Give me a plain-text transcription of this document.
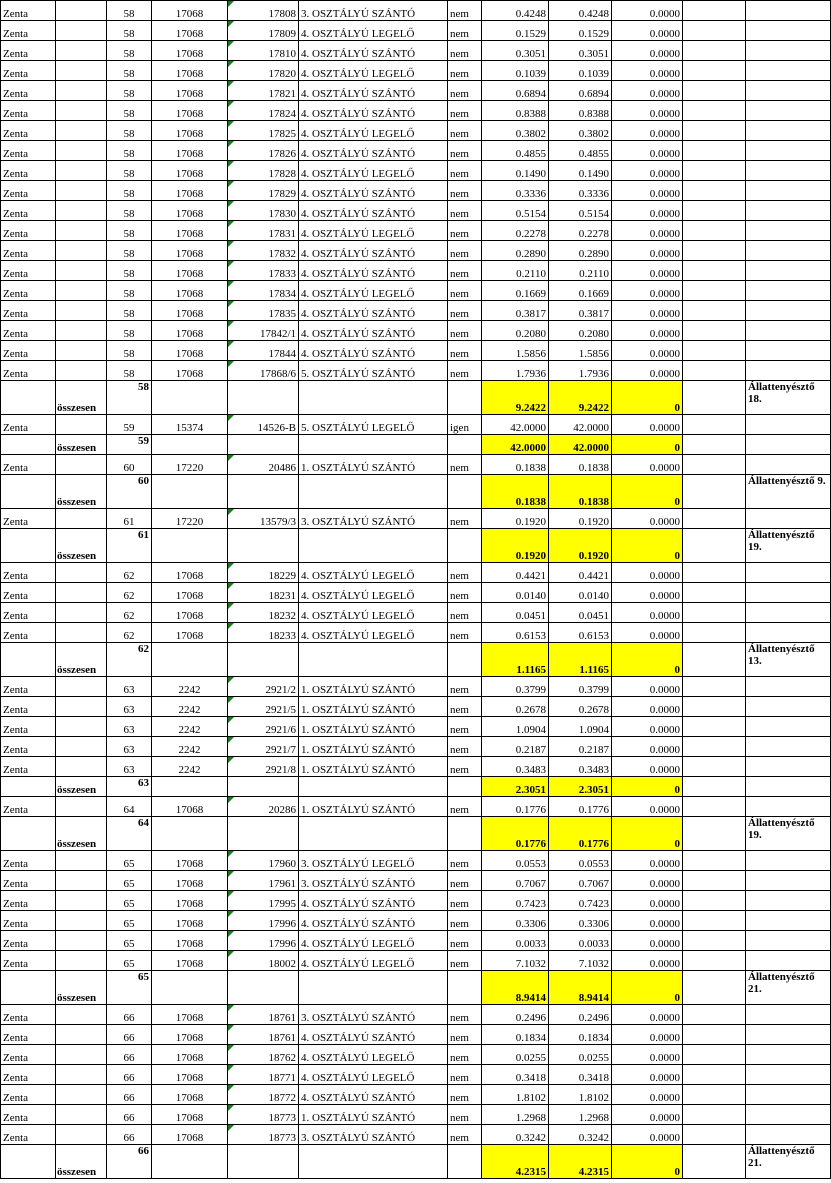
Zenta		58	17068	17808	3. OSZTÁLYÚ SZÁNTÓ	nem	0.4248	0.4248	0.0000		
Zenta		58	17068	17809	4. OSZTÁLYÚ LEGELŐ	nem	0.1529	0.1529	0.0000		
Zenta		58	17068	17810	4. OSZTÁLYÚ SZÁNTÓ	nem	0.3051	0.3051	0.0000		
Zenta		58	17068	17820	4. OSZTÁLYÚ LEGELŐ	nem	0.1039	0.1039	0.0000		
Zenta		58	17068	17821	4. OSZTÁLYÚ SZÁNTÓ	nem	0.6894	0.6894	0.0000		
Zenta		58	17068	17824	4. OSZTÁLYÚ SZÁNTÓ	nem	0.8388	0.8388	0.0000		
Zenta		58	17068	17825	4. OSZTÁLYÚ LEGELŐ	nem	0.3802	0.3802	0.0000		
Zenta		58	17068	17826	4. OSZTÁLYÚ SZÁNTÓ	nem	0.4855	0.4855	0.0000		
Zenta		58	17068	17828	4. OSZTÁLYÚ LEGELŐ	nem	0.1490	0.1490	0.0000		
Zenta		58	17068	17829	4. OSZTÁLYÚ SZÁNTÓ	nem	0.3336	0.3336	0.0000		
Zenta		58	17068	17830	4. OSZTÁLYÚ SZÁNTÓ	nem	0.5154	0.5154	0.0000		
Zenta		58	17068	17831	4. OSZTÁLYÚ LEGELŐ	nem	0.2278	0.2278	0.0000		
Zenta		58	17068	17832	4. OSZTÁLYÚ SZÁNTÓ	nem	0.2890	0.2890	0.0000		
Zenta		58	17068	17833	4. OSZTÁLYÚ SZÁNTÓ	nem	0.2110	0.2110	0.0000		
Zenta		58	17068	17834	4. OSZTÁLYÚ LEGELŐ	nem	0.1669	0.1669	0.0000		
Zenta		58	17068	17835	4. OSZTÁLYÚ SZÁNTÓ	nem	0.3817	0.3817	0.0000		
Zenta		58	17068	17842/1	4. OSZTÁLYÚ SZÁNTÓ	nem	0.2080	0.2080	0.0000		
Zenta		58	17068	17844	4. OSZTÁLYÚ SZÁNTÓ	nem	1.5856	1.5856	0.0000		
Zenta		58	17068	17868/6	5. OSZTÁLYÚ SZÁNTÓ	nem	1.7936	1.7936	0.0000		
	összesen	58					9.2422	9.2422	0		Állattenyésztő 18.
Zenta		59	15374	14526-B	5. OSZTÁLYÚ LEGELŐ	igen	42.0000	42.0000	0.0000		
	összesen	59					42.0000	42.0000	0		
Zenta		60	17220	20486	1. OSZTÁLYÚ SZÁNTÓ	nem	0.1838	0.1838	0.0000		
	összesen	60					0.1838	0.1838	0		Állattenyésztő 9.
Zenta		61	17220	13579/3	3. OSZTÁLYÚ SZÁNTÓ	nem	0.1920	0.1920	0.0000		
	összesen	61					0.1920	0.1920	0		Állattenyésztő 19.
Zenta		62	17068	18229	4. OSZTÁLYÚ LEGELŐ	nem	0.4421	0.4421	0.0000		
Zenta		62	17068	18231	4. OSZTÁLYÚ LEGELŐ	nem	0.0140	0.0140	0.0000		
Zenta		62	17068	18232	4. OSZTÁLYÚ LEGELŐ	nem	0.0451	0.0451	0.0000		
Zenta		62	17068	18233	4. OSZTÁLYÚ LEGELŐ	nem	0.6153	0.6153	0.0000		
	összesen	62					1.1165	1.1165	0		Állattenyésztő 13.
Zenta		63	2242	2921/2	1. OSZTÁLYÚ SZÁNTÓ	nem	0.3799	0.3799	0.0000		
Zenta		63	2242	2921/5	1. OSZTÁLYÚ SZÁNTÓ	nem	0.2678	0.2678	0.0000		
Zenta		63	2242	2921/6	1. OSZTÁLYÚ SZÁNTÓ	nem	1.0904	1.0904	0.0000		
Zenta		63	2242	2921/7	1. OSZTÁLYÚ SZÁNTÓ	nem	0.2187	0.2187	0.0000		
Zenta		63	2242	2921/8	1. OSZTÁLYÚ SZÁNTÓ	nem	0.3483	0.3483	0.0000		
	összesen	63					2.3051	2.3051	0		
Zenta		64	17068	20286	1. OSZTÁLYÚ SZÁNTÓ	nem	0.1776	0.1776	0.0000		
	összesen	64					0.1776	0.1776	0		Állattenyésztő 19.
Zenta		65	17068	17960	3. OSZTÁLYÚ LEGELŐ	nem	0.0553	0.0553	0.0000		
Zenta		65	17068	17961	3. OSZTÁLYÚ SZÁNTÓ	nem	0.7067	0.7067	0.0000		
Zenta		65	17068	17995	4. OSZTÁLYÚ SZÁNTÓ	nem	0.7423	0.7423	0.0000		
Zenta		65	17068	17996	4. OSZTÁLYÚ SZÁNTÓ	nem	0.3306	0.3306	0.0000		
Zenta		65	17068	17996	4. OSZTÁLYÚ LEGELŐ	nem	0.0033	0.0033	0.0000		
Zenta		65	17068	18002	4. OSZTÁLYÚ LEGELŐ	nem	7.1032	7.1032	0.0000		
	összesen	65					8.9414	8.9414	0		Állattenyésztő 21.
Zenta		66	17068	18761	3. OSZTÁLYÚ SZÁNTÓ	nem	0.2496	0.2496	0.0000		
Zenta		66	17068	18761	4. OSZTÁLYÚ SZÁNTÓ	nem	0.1834	0.1834	0.0000		
Zenta		66	17068	18762	4. OSZTÁLYÚ LEGELŐ	nem	0.0255	0.0255	0.0000		
Zenta		66	17068	18771	4. OSZTÁLYÚ LEGELŐ	nem	0.3418	0.3418	0.0000		
Zenta		66	17068	18772	4. OSZTÁLYÚ SZÁNTÓ	nem	1.8102	1.8102	0.0000		
Zenta		66	17068	18773	1. OSZTÁLYÚ SZÁNTÓ	nem	1.2968	1.2968	0.0000		
Zenta		66	17068	18773	3. OSZTÁLYÚ SZÁNTÓ	nem	0.3242	0.3242	0.0000		
	összesen	66					4.2315	4.2315	0		Állattenyésztő 21.
